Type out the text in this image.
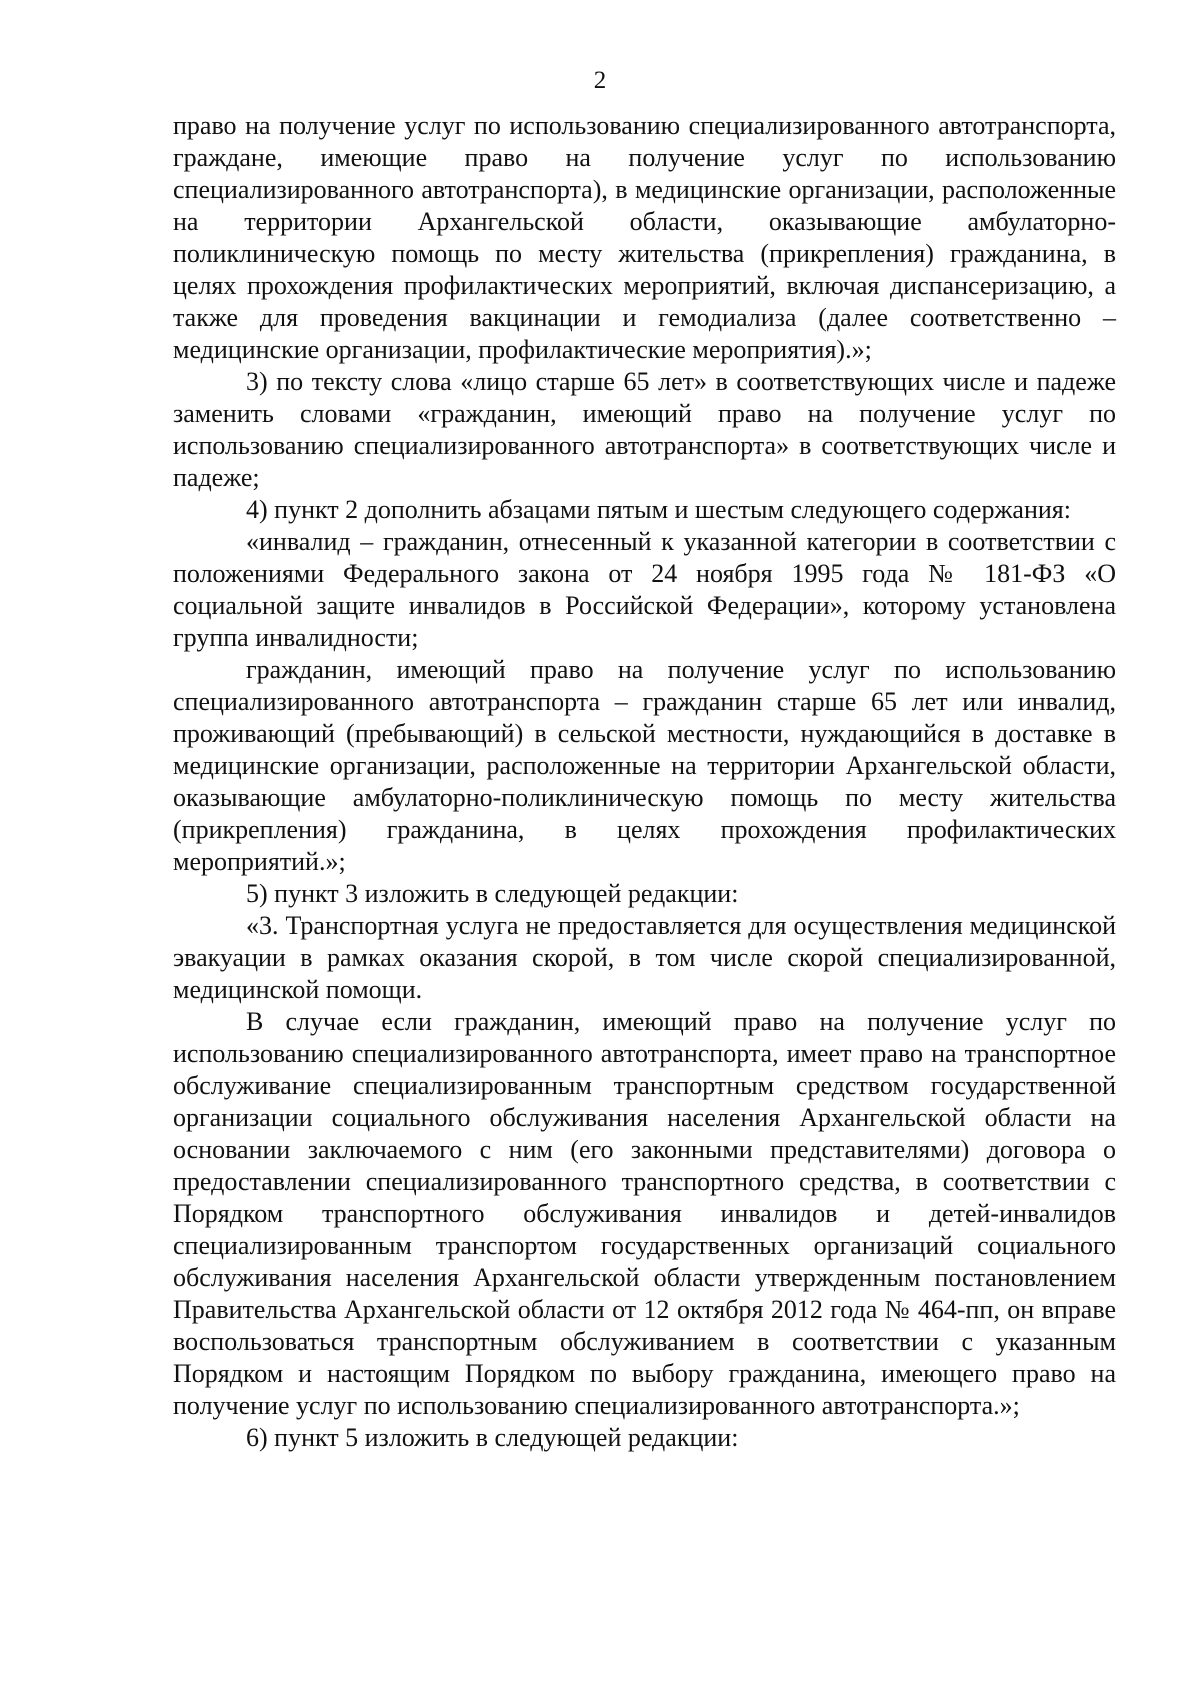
2

право на получение услуг по использованию специализированного автотранспорта, граждане, имеющие право на получение услуг по использованию специализированного автотранспорта), в медицинские организации, расположенные на территории Архангельской области, оказывающие амбулаторно-поликлиническую помощь по месту жительства (прикрепления) гражданина, в целях прохождения профилактических мероприятий, включая диспансеризацию, а также для проведения вакцинации и гемодиализа (далее соответственно – медицинские организации, профилактические мероприятия).»;

3) по тексту слова «лицо старше 65 лет» в соответствующих числе и падеже заменить словами «гражданин, имеющий право на получение услуг по использованию специализированного автотранспорта» в соответствующих числе и падеже;

4) пункт 2 дополнить абзацами пятым и шестым следующего содержания:

«инвалид – гражданин, отнесенный к указанной категории в соответствии с положениями Федерального закона от 24 ноября 1995 года № 181-ФЗ «О социальной защите инвалидов в Российской Федерации», которому установлена группа инвалидности;

гражданин, имеющий право на получение услуг по использованию специализированного автотранспорта – гражданин старше 65 лет или инвалид, проживающий (пребывающий) в сельской местности, нуждающийся в доставке в медицинские организации, расположенные на территории Архангельской области, оказывающие амбулаторно-поликлиническую помощь по месту жительства (прикрепления) гражданина, в целях прохождения профилактических мероприятий.»;

5) пункт 3 изложить в следующей редакции:

«3. Транспортная услуга не предоставляется для осуществления медицинской эвакуации в рамках оказания скорой, в том числе скорой специализированной, медицинской помощи.

В случае если гражданин, имеющий право на получение услуг по использованию специализированного автотранспорта, имеет право на транспортное обслуживание специализированным транспортным средством государственной организации социального обслуживания населения Архангельской области на основании заключаемого с ним (его законными представителями) договора о предоставлении специализированного транспортного средства, в соответствии с Порядком транспортного обслуживания инвалидов и детей-инвалидов специализированным транспортом государственных организаций социального обслуживания населения Архангельской области утвержденным постановлением Правительства Архангельской области от 12 октября 2012 года № 464-пп, он вправе воспользоваться транспортным обслуживанием в соответствии с указанным Порядком и настоящим Порядком по выбору гражданина, имеющего право на получение услуг по использованию специализированного автотранспорта.»;

6) пункт 5 изложить в следующей редакции:
